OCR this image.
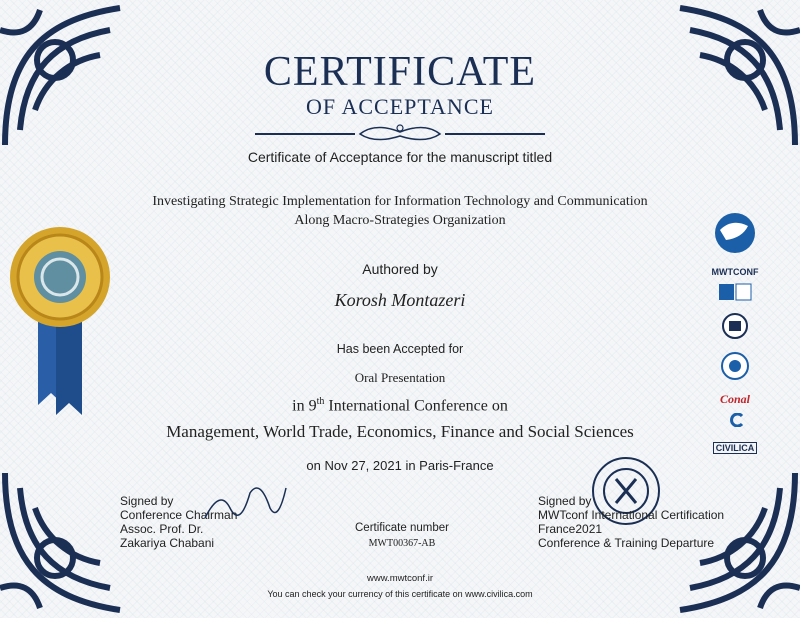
CERTIFICATE
OF ACCEPTANCE
Certificate of Acceptance for the manuscript titled
Investigating Strategic Implementation for Information Technology and Communication
Along Macro-Strategies Organization
Authored by
Korosh Montazeri
Has been Accepted for
Oral Presentation
in 9th International Conference on
Management, World Trade, Economics, Finance and Social Sciences
on Nov 27, 2021 in Paris-France
MWTCONF
Conal
CIVILICA
Signed by
Conference Chairman
Assoc. Prof. Dr.
Zakariya Chabani
Certificate number
MWT00367-AB
Signed by
MWTconf International Certification
France2021
Conference & Training Departure
www.mwtconf.ir
You can check your currency of this certificate on www.civilica.com
